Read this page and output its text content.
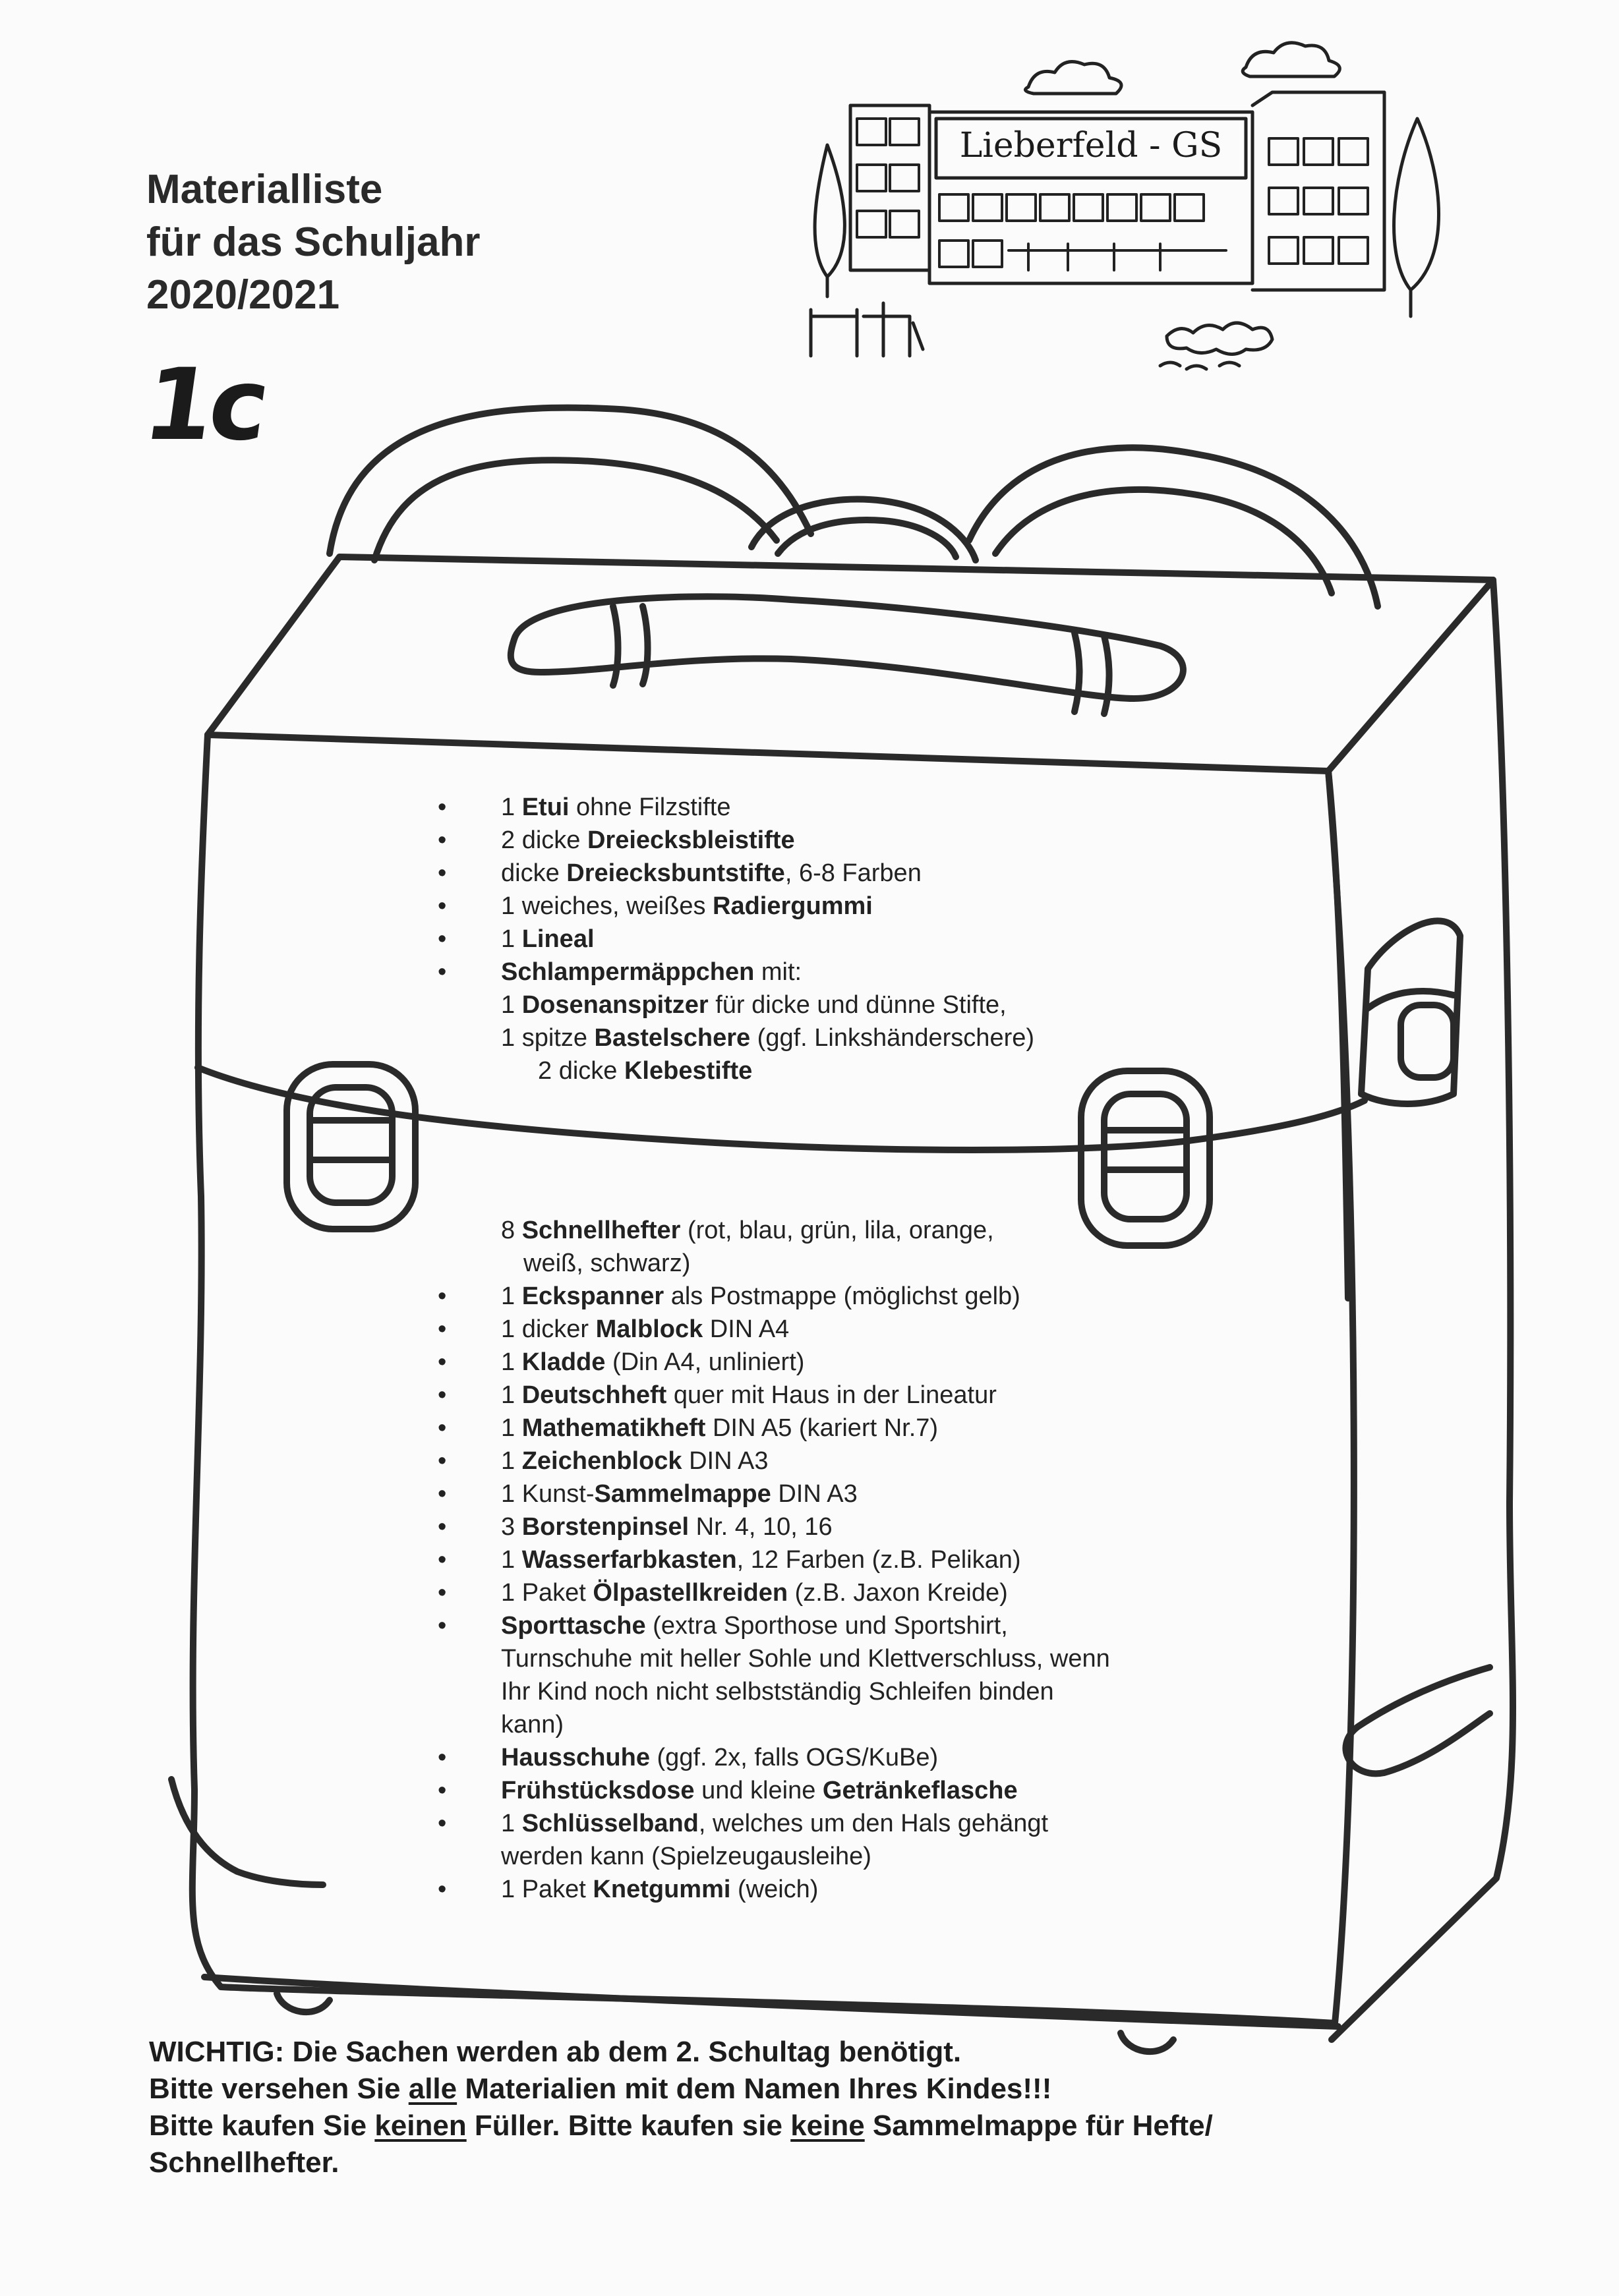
Lieberfeld - GS
Materialliste
für das Schuljahr
2020/2021
1c
• 1 Etui ohne Filzstifte
• 2 dicke Dreiecksbleistifte
• dicke Dreiecksbuntstifte, 6-8 Farben
• 1 weiches, weißes Radiergummi
• 1 Lineal
• Schlampermäppchen mit:
1 Dosenanspitzer für dicke und dünne Stifte,
1 spitze Bastelschere (ggf. Linkshänderschere)
2 dicke Klebestifte
8 Schnellhefter (rot, blau, grün, lila, orange,
weiß, schwarz)
• 1 Eckspanner als Postmappe (möglichst gelb)
• 1 dicker Malblock DIN A4
• 1 Kladde (Din A4, unliniert)
• 1 Deutschheft quer mit Haus in der Lineatur
• 1 Mathematikheft DIN A5 (kariert Nr.7)
• 1 Zeichenblock DIN A3
• 1 Kunst-Sammelmappe DIN A3
• 3 Borstenpinsel Nr. 4, 10, 16
• 1 Wasserfarbkasten, 12 Farben (z.B. Pelikan)
• 1 Paket Ölpastellkreiden (z.B. Jaxon Kreide)
• Sporttasche (extra Sporthose und Sportshirt,
Turnschuhe mit heller Sohle und Klettverschluss, wenn
Ihr Kind noch nicht selbstständig Schleifen binden
kann)
• Hausschuhe (ggf. 2x, falls OGS/KuBe)
• Frühstücksdose und kleine Getränkeflasche
• 1 Schlüsselband, welches um den Hals gehängt
werden kann (Spielzeugausleihe)
• 1 Paket Knetgummi (weich)
WICHTIG: Die Sachen werden ab dem 2. Schultag benötigt.
Bitte versehen Sie alle Materialien mit dem Namen Ihres Kindes!!!
Bitte kaufen Sie keinen Füller. Bitte kaufen sie keine Sammelmappe für Hefte/
Schnellhefter.
